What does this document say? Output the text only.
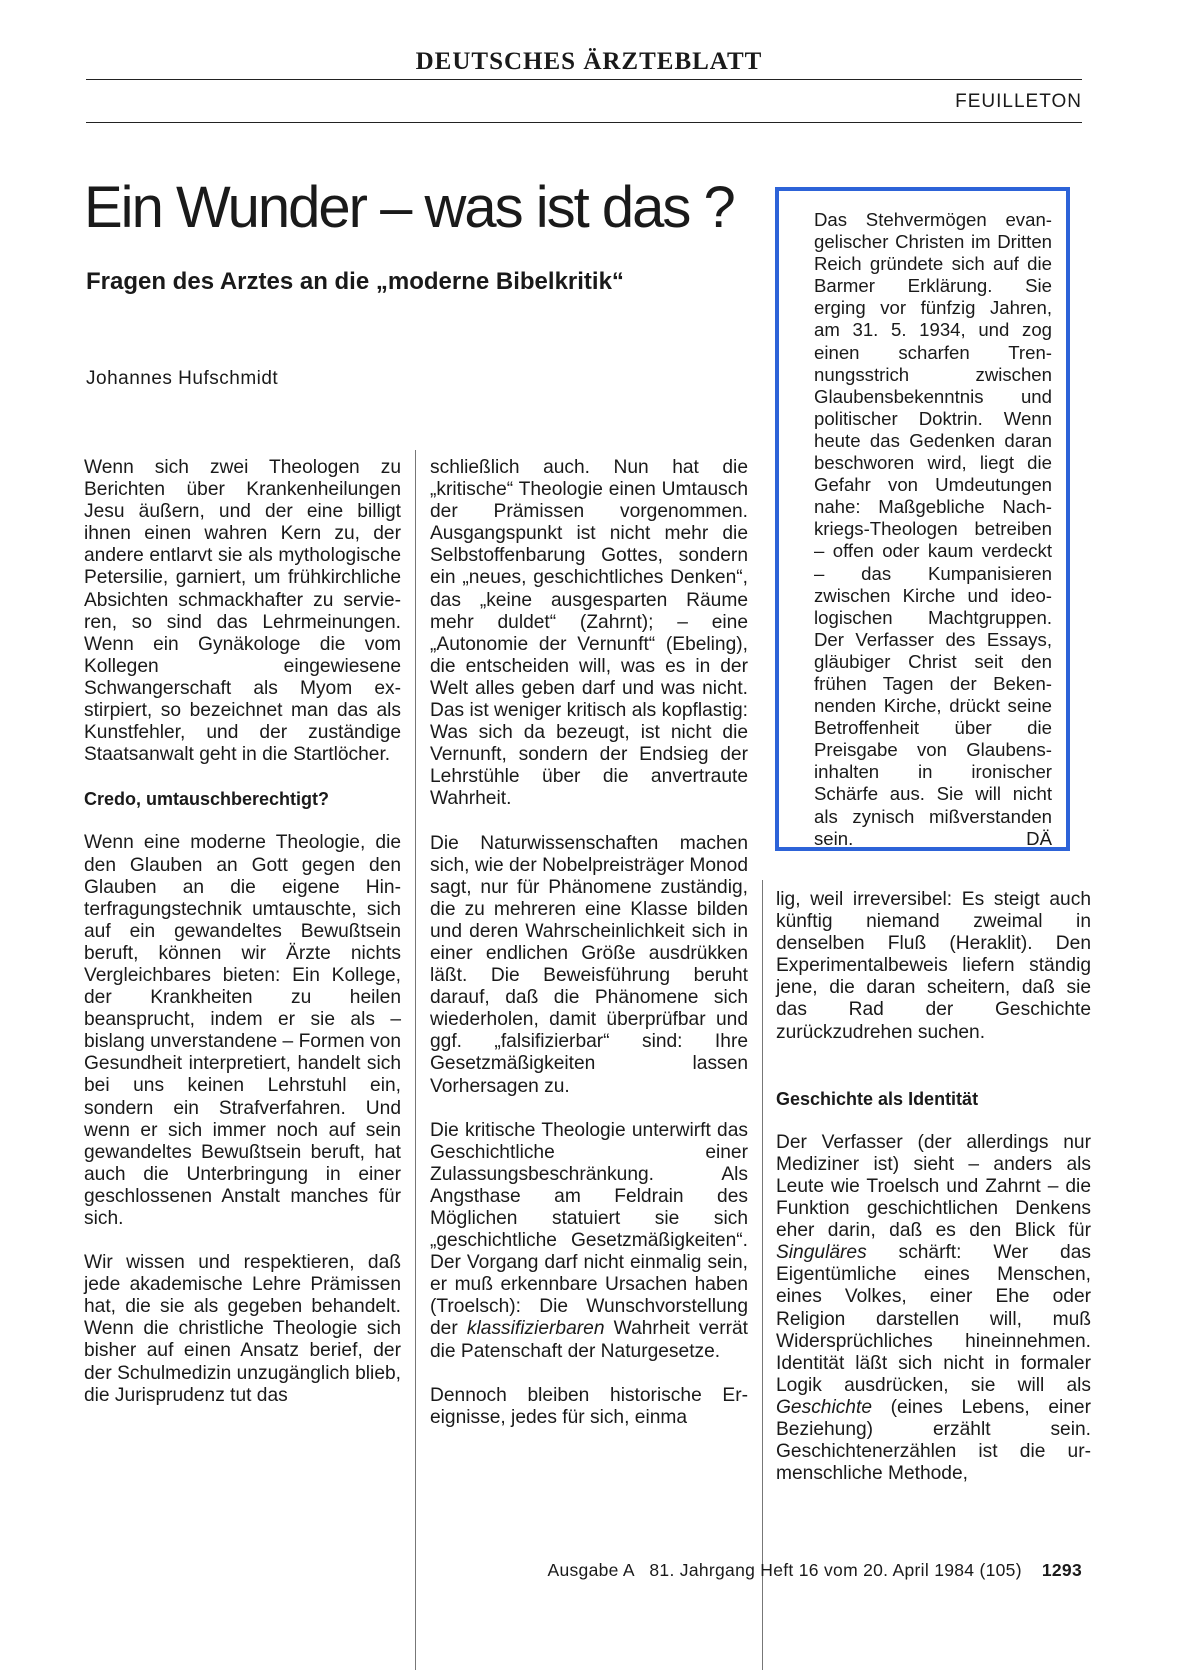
DEUTSCHES ÄRZTEBLATT
FEUILLETON
Ein Wunder – was ist das ?
Fragen des Arztes an die „moderne Bibelkritik“
Johannes Hufschmidt
Das Stehvermögen evangelischer Christen im Dritten Reich gründete sich auf die Barmer Erklärung. Sie erging vor fünfzig Jahren, am 31. 5. 1934, und zog einen scharfen Trennungsstrich zwischen Glaubensbekenntnis und politischer Doktrin. Wenn heute das Gedenken daran beschworen wird, liegt die Gefahr von Umdeutungen nahe: Maßgebliche Nachkriegs-Theologen betreiben – offen oder kaum verdeckt – das Kumpanisieren zwischen Kirche und ideologischen Machtgruppen. Der Verfasser des Essays, gläubiger Christ seit den frühen Tagen der Bekennenden Kirche, drückt seine Betroffenheit über die Preisgabe von Glaubensinhalten in ironischer Schärfe aus. Sie will nicht als zynisch mißverstanden sein.	DÄ

Wenn sich zwei Theologen zu Berichten über Krankenheilungen Jesu äußern, und der eine billigt ihnen einen wahren Kern zu, der andere entlarvt sie als mythologische Petersilie, garniert, um frühkirchliche Absichten schmackhafter zu servieren, so sind das Lehrmeinungen. Wenn ein Gynäkologe die vom Kollegen eingewiesene Schwangerschaft als Myom exstirpiert, so bezeichnet man das als Kunstfehler, und der zuständige Staatsanwalt geht in die Startlöcher.

Credo, umtauschberechtigt?

Wenn eine moderne Theologie, die den Glauben an Gott gegen den Glauben an die eigene Hinterfragungstechnik umtauschte, sich auf ein gewandeltes Bewußtsein beruft, können wir Ärzte nichts Vergleichbares bieten: Ein Kollege, der Krankheiten zu heilen beansprucht, indem er sie als – bislang unverstandene – Formen von Gesundheit interpretiert, handelt sich bei uns keinen Lehrstuhl ein, sondern ein Strafverfahren. Und wenn er sich immer noch auf sein gewandeltes Bewußtsein beruft, hat auch die Unterbringung in einer geschlossenen Anstalt manches für sich.

Wir wissen und respektieren, daß jede akademische Lehre Prämissen hat, die sie als gegeben behandelt. Wenn die christliche Theologie sich bisher auf einen Ansatz berief, der der Schulmedizin unzugänglich blieb, die Jurisprudenz tut das

schließlich auch. Nun hat die „kritische“ Theologie einen Umtausch der Prämissen vorgenommen. Ausgangspunkt ist nicht mehr die Selbstoffenbarung Gottes, sondern ein „neues, geschichtliches Denken“, das „keine ausgesparten Räume mehr duldet“ (Zahrnt); – eine „Autonomie der Vernunft“ (Ebeling), die entscheiden will, was es in der Welt alles geben darf und was nicht. Das ist weniger kritisch als kopflastig: Was sich da bezeugt, ist nicht die Vernunft, sondern der Endsieg der Lehrstühle über die anvertraute Wahrheit.

Die Naturwissenschaften machen sich, wie der Nobelpreisträger Monod sagt, nur für Phänomene zuständig, die zu mehreren eine Klasse bilden und deren Wahrscheinlichkeit sich in einer endlichen Größe ausdrükken läßt. Die Beweisführung beruht darauf, daß die Phänomene sich wiederholen, damit überprüfbar und ggf. „falsifizierbar“ sind: Ihre Gesetzmäßigkeiten lassen Vorhersagen zu.

Die kritische Theologie unterwirft das Geschichtliche einer Zulassungsbeschränkung. Als Angsthase am Feldrain des Möglichen statuiert sie sich „geschichtliche Gesetzmäßigkeiten“. Der Vorgang darf nicht einmalig sein, er muß erkennbare Ursachen haben (Troelsch): Die Wunschvorstellung der klassifizierbaren Wahrheit verrät die Patenschaft der Naturgesetze.

Dennoch bleiben historische Ereignisse, jedes für sich, einma

lig, weil irreversibel: Es steigt auch künftig niemand zweimal in denselben Fluß (Heraklit). Den Experimentalbeweis liefern ständig jene, die daran scheitern, daß sie das Rad der Geschichte zurückzudrehen suchen.

Geschichte als Identität

Der Verfasser (der allerdings nur Mediziner ist) sieht – anders als Leute wie Troelsch und Zahrnt – die Funktion geschichtlichen Denkens eher darin, daß es den Blick für Singuläres schärft: Wer das Eigentümliche eines Menschen, eines Volkes, einer Ehe oder Religion darstellen will, muß Widersprüchliches hineinnehmen. Identität läßt sich nicht in formaler Logik ausdrücken, sie will als Geschichte (eines Lebens, einer Beziehung) erzählt sein. Geschichtenerzählen ist die ur-menschliche Methode,

Ausgabe A   81. Jahrgang Heft 16 vom 20. April 1984 (105) 1293
